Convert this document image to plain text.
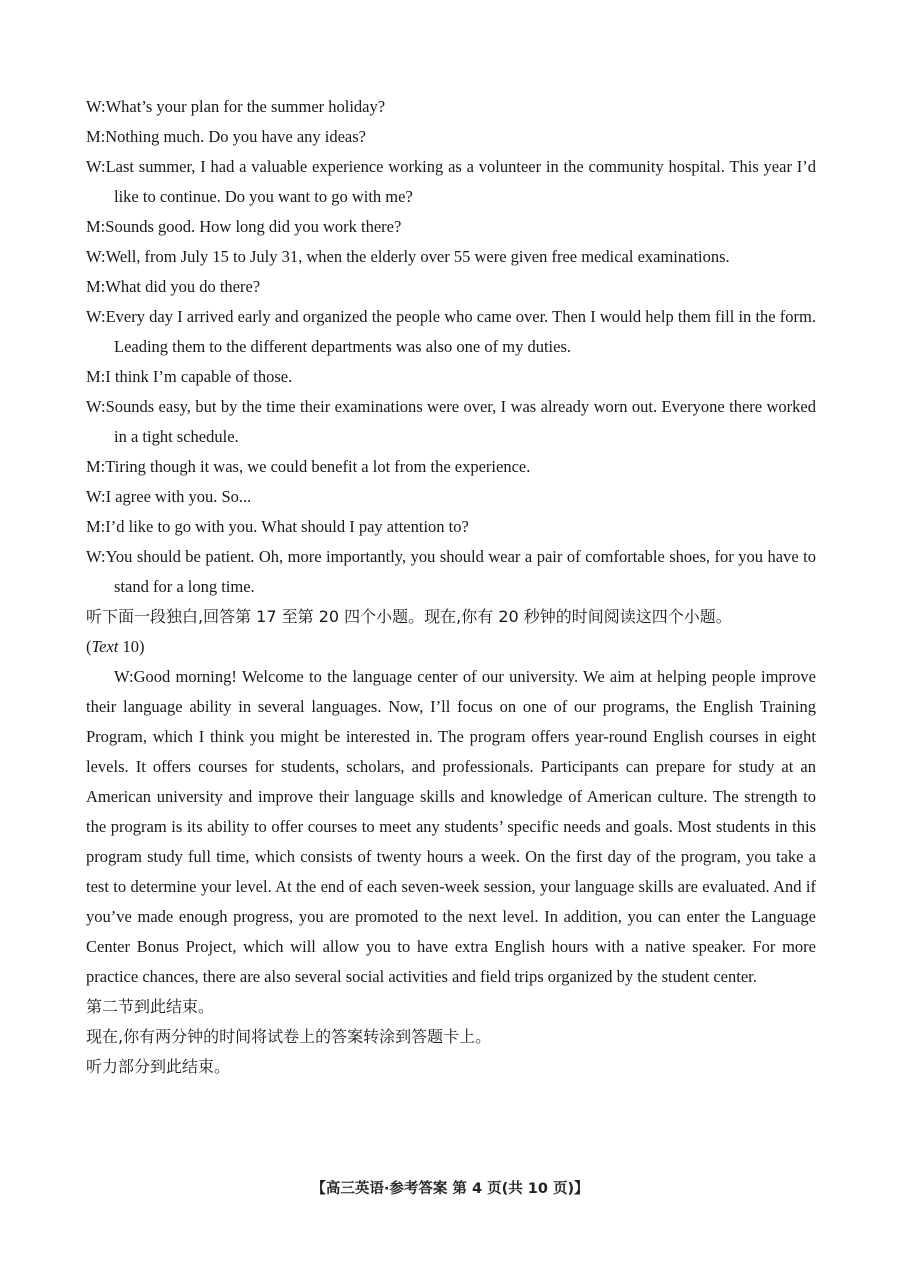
W:What’s your plan for the summer holiday?

M:Nothing much. Do you have any ideas?

W:Last summer, I had a valuable experience working as a volunteer in the community hospital. This year I’d like to continue. Do you want to go with me?

M:Sounds good. How long did you work there?

W:Well, from July 15 to July 31, when the elderly over 55 were given free medical examinations.

M:What did you do there?

W:Every day I arrived early and organized the people who came over. Then I would help them fill in the form. Leading them to the different departments was also one of my duties.

M:I think I’m capable of those.

W:Sounds easy, but by the time their examinations were over, I was already worn out. Everyone there worked in a tight schedule.

M:Tiring though it was, we could benefit a lot from the experience.

W:I agree with you. So...

M:I’d like to go with you. What should I pay attention to?

W:You should be patient. Oh, more importantly, you should wear a pair of comfortable shoes, for you have to stand for a long time.

听下面一段独白,回答第 17 至第 20 四个小题。现在,你有 20 秒钟的时间阅读这四个小题。

(Text 10)

W:Good morning! Welcome to the language center of our university. We aim at helping people improve their language ability in several languages. Now, I’ll focus on one of our programs, the English Training Program, which I think you might be interested in. The program offers year-round English courses in eight levels. It offers courses for students, scholars, and professionals. Participants can prepare for study at an American university and improve their language skills and knowledge of American culture. The strength to the program is its ability to offer courses to meet any students’ specific needs and goals. Most students in this program study full time, which consists of twenty hours a week. On the first day of the program, you take a test to determine your level. At the end of each seven-week session, your language skills are evaluated. And if you’ve made enough progress, you are promoted to the next level. In addition, you can enter the Language Center Bonus Project, which will allow you to have extra English hours with a native speaker. For more practice chances, there are also several social activities and field trips organized by the student center.

第二节到此结束。

现在,你有两分钟的时间将试卷上的答案转涂到答题卡上。

听力部分到此结束。

【高三英语·参考答案 第 4 页(共 10 页)】
